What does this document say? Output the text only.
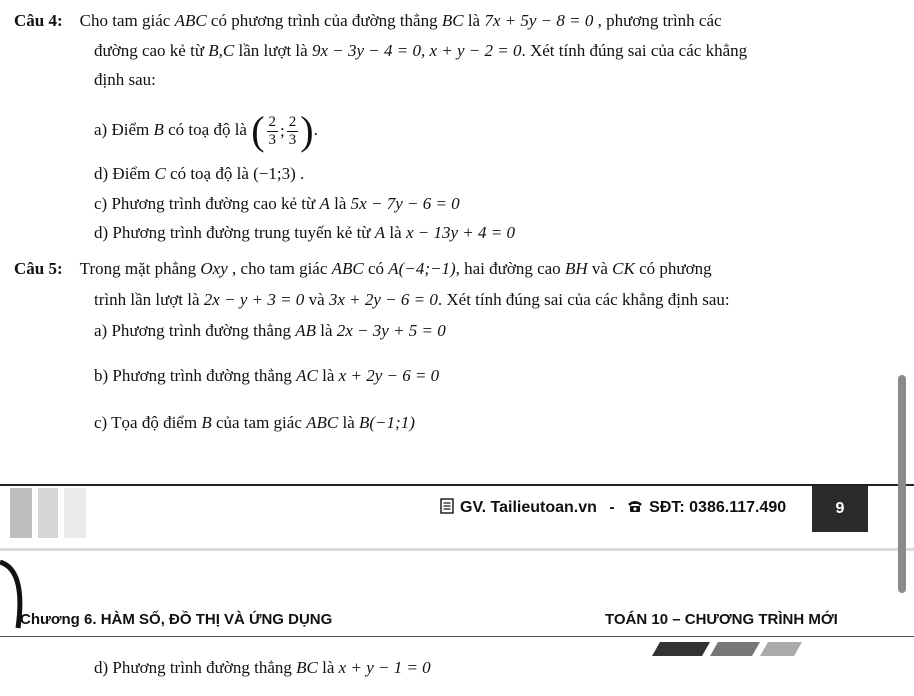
Câu 4: Cho tam giác ABC có phương trình của đường thẳng BC là 7x + 5y − 8 = 0 , phương trình các
đường cao kẻ từ B,C lần lượt là 9x − 3y − 4 = 0, x + y − 2 = 0. Xét tính đúng sai của các khẳng
định sau:
a) Điểm B có toạ độ là ( 2
3 ; 2
3 ) .
d) Điểm C có toạ độ là (−1;3) .
c) Phương trình đường cao kẻ từ A là 5x − 7y − 6 = 0
d) Phương trình đường trung tuyến kẻ từ A là x − 13y + 4 = 0
Câu 5: Trong mặt phẳng Oxy , cho tam giác ABC có A(−4;−1), hai đường cao BH và CK có phương
trình lần lượt là 2x − y + 3 = 0 và 3x + 2y − 6 = 0. Xét tính đúng sai của các khẳng định sau:
a) Phương trình đường thẳng AB là 2x − 3y + 5 = 0
b) Phương trình đường thẳng AC là x + 2y − 6 = 0
c) Tọa độ điểm B của tam giác ABC là B(−1;1)
GV. Tailieutoan.vn - SĐT: 0386.117.490	9
Chương 6. HÀM SỐ, ĐỒ THỊ VÀ ỨNG DỤNG	TOÁN 10 – CHƯƠNG TRÌNH MỚI
d) Phương trình đường thẳng BC là x + y − 1 = 0
